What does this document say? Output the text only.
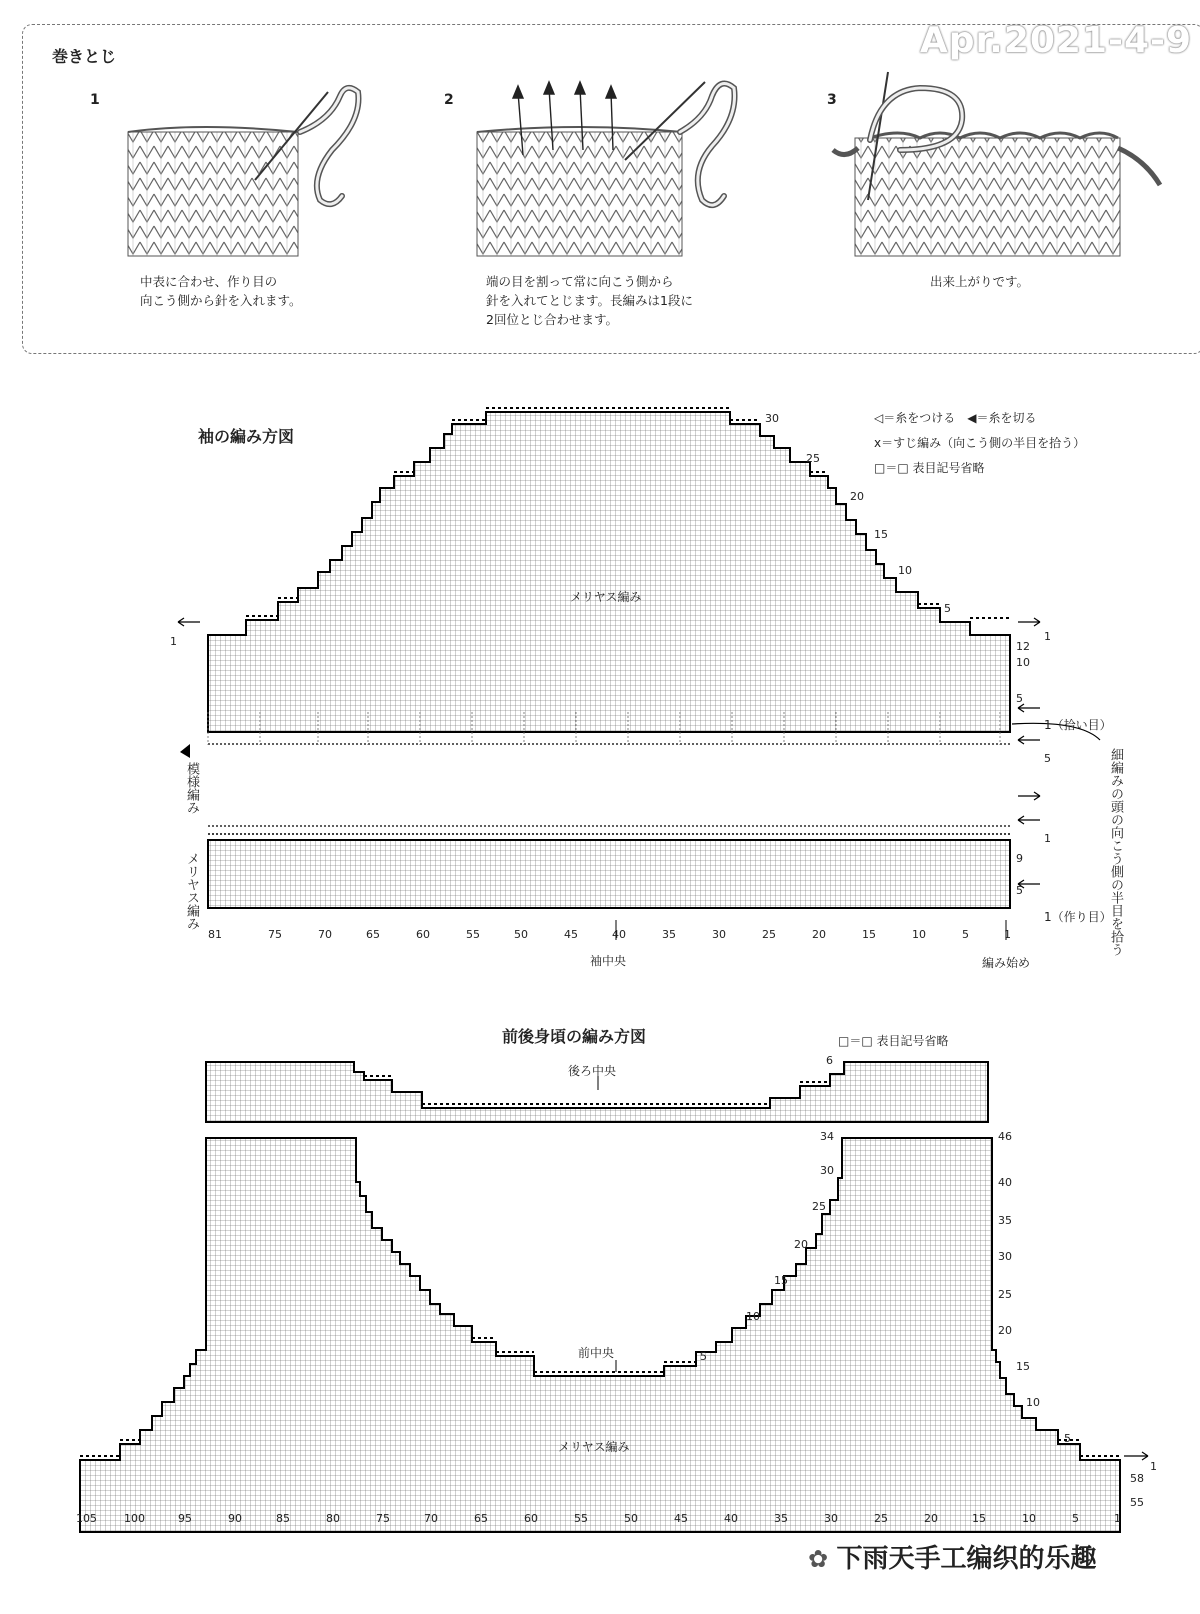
Apr.2021-4-9
巻きとじ
1	2	3
中表に合わせ、作り目の
向こう側から針を入れます。
端の目を割って常に向こう側から
針を入れてとじます。長編みは1段に
2回位とじ合わせます。
出来上がりです。
袖の編み方図
◁＝糸をつける　◀＝糸を切る
x＝すじ編み（向こう側の半目を拾う）
□＝□ 表目記号省略
メリヤス編み
模様編み
メリヤス編み	細編みの頭の向こう側の半目を拾う
1
30
25
20
15
10
5
1
12
10
5
1（拾い目）
5
1
9
5
1（作り目）
81	75	70	65	60	55	50	45	40	35	30	25	20	15	10	5	1
袖中央	編み始め
前後身頃の編み方図	□＝□ 表目記号省略
後ろ中央
前中央
メリヤス編み
6
46
40
35
30
25
20
15
10
5
1
58
55
34
30
25
20
15
10
5
105 100	95	90	85	80	75	70	65	60	55	50	45	40	35	30	25	20	15	10	5	1
✿ 下雨天手工编织的乐趣
